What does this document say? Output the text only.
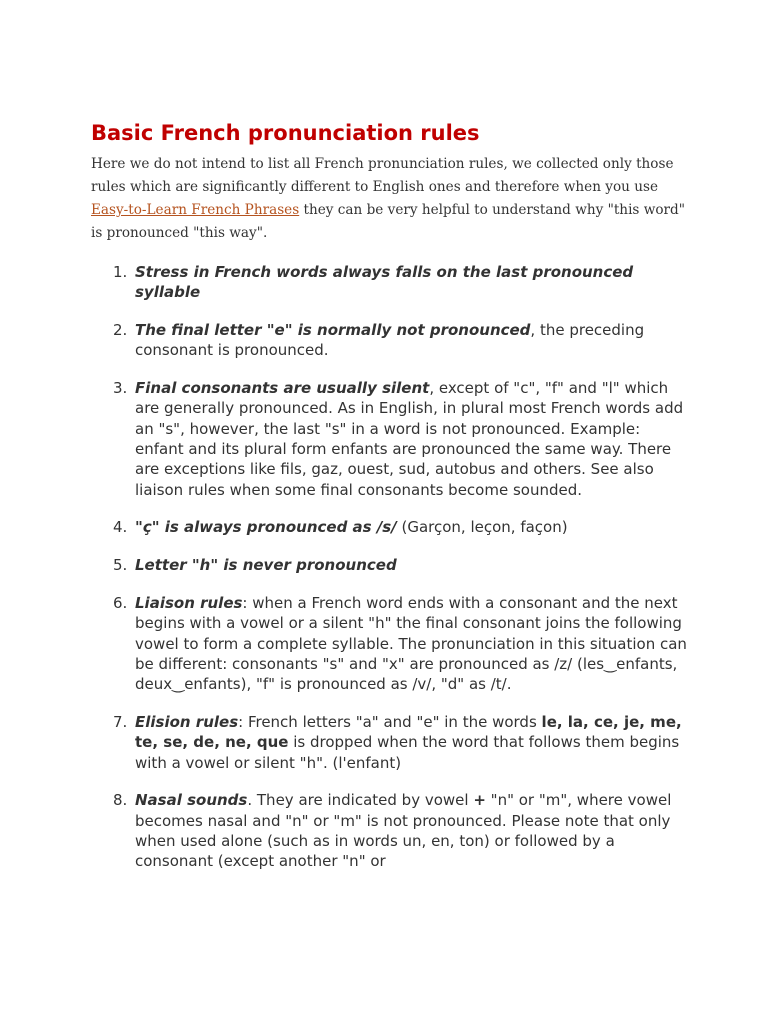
Basic French pronunciation rules

Here we do not intend to list all French pronunciation rules, we collected only those rules which are significantly different to English ones and therefore when you use Easy-to-Learn French Phrases they can be very helpful to understand why "this word" is pronounced "this way".

1. Stress in French words always falls on the last pronounced syllable
2. The final letter "e" is normally not pronounced, the preceding consonant is pronounced.
3. Final consonants are usually silent, except of "c", "f" and "l" which are generally pronounced. As in English, in plural most French words add an "s", however, the last "s" in a word is not pronounced. Example: enfant and its plural form enfants are pronounced the same way. There are exceptions like fils, gaz, ouest, sud, autobus and others. See also liaison rules when some final consonants become sounded.
4. "ç" is always pronounced as /s/ (Garçon, leçon, façon)
5. Letter "h" is never pronounced
6. Liaison rules: when a French word ends with a consonant and the next begins with a vowel or a silent "h" the final consonant joins the following vowel to form a complete syllable. The pronunciation in this situation can be different: consonants "s" and "x" are pronounced as /z/ (les‿enfants, deux‿enfants), "f" is pronounced as /v/, "d" as /t/.
7. Elision rules: French letters "a" and "e" in the words le, la, ce, je, me, te, se, de, ne, que is dropped when the word that follows them begins with a vowel or silent "h". (l'enfant)
8. Nasal sounds. They are indicated by vowel + "n" or "m", where vowel becomes nasal and "n" or "m" is not pronounced. Please note that only when used alone (such as in words un, en, ton) or followed by a consonant (except another "n" or
